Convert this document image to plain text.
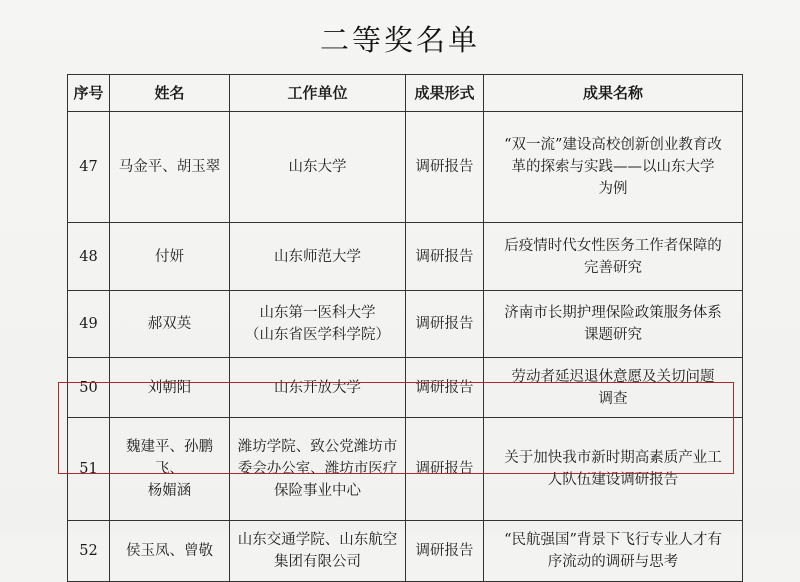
二等奖名单
序号	姓名	工作单位	成果形式	成果名称

47	马金平、胡玉翠	山东大学	调研报告	“双一流”建设高校创新创业教育改
革的探索与实践——以山东大学
为例

48	付妍	山东师范大学	调研报告	后疫情时代女性医务工作者保障的
完善研究

49	郝双英	山东第一医科大学
（山东省医学科学院）	调研报告	济南市长期护理保险政策服务体系
课题研究

50	刘朝阳	山东开放大学	调研报告	劳动者延迟退休意愿及关切问题
调查

51	魏建平、孙鹏飞、
杨媚涵	潍坊学院、致公党潍坊市
委会办公室、潍坊市医疗
保险事业中心	调研报告	关于加快我市新时期高素质产业工
人队伍建设调研报告

52	侯玉凤、曾敬	山东交通学院、山东航空
集团有限公司	调研报告	“民航强国”背景下飞行专业人才有
序流动的调研与思考
